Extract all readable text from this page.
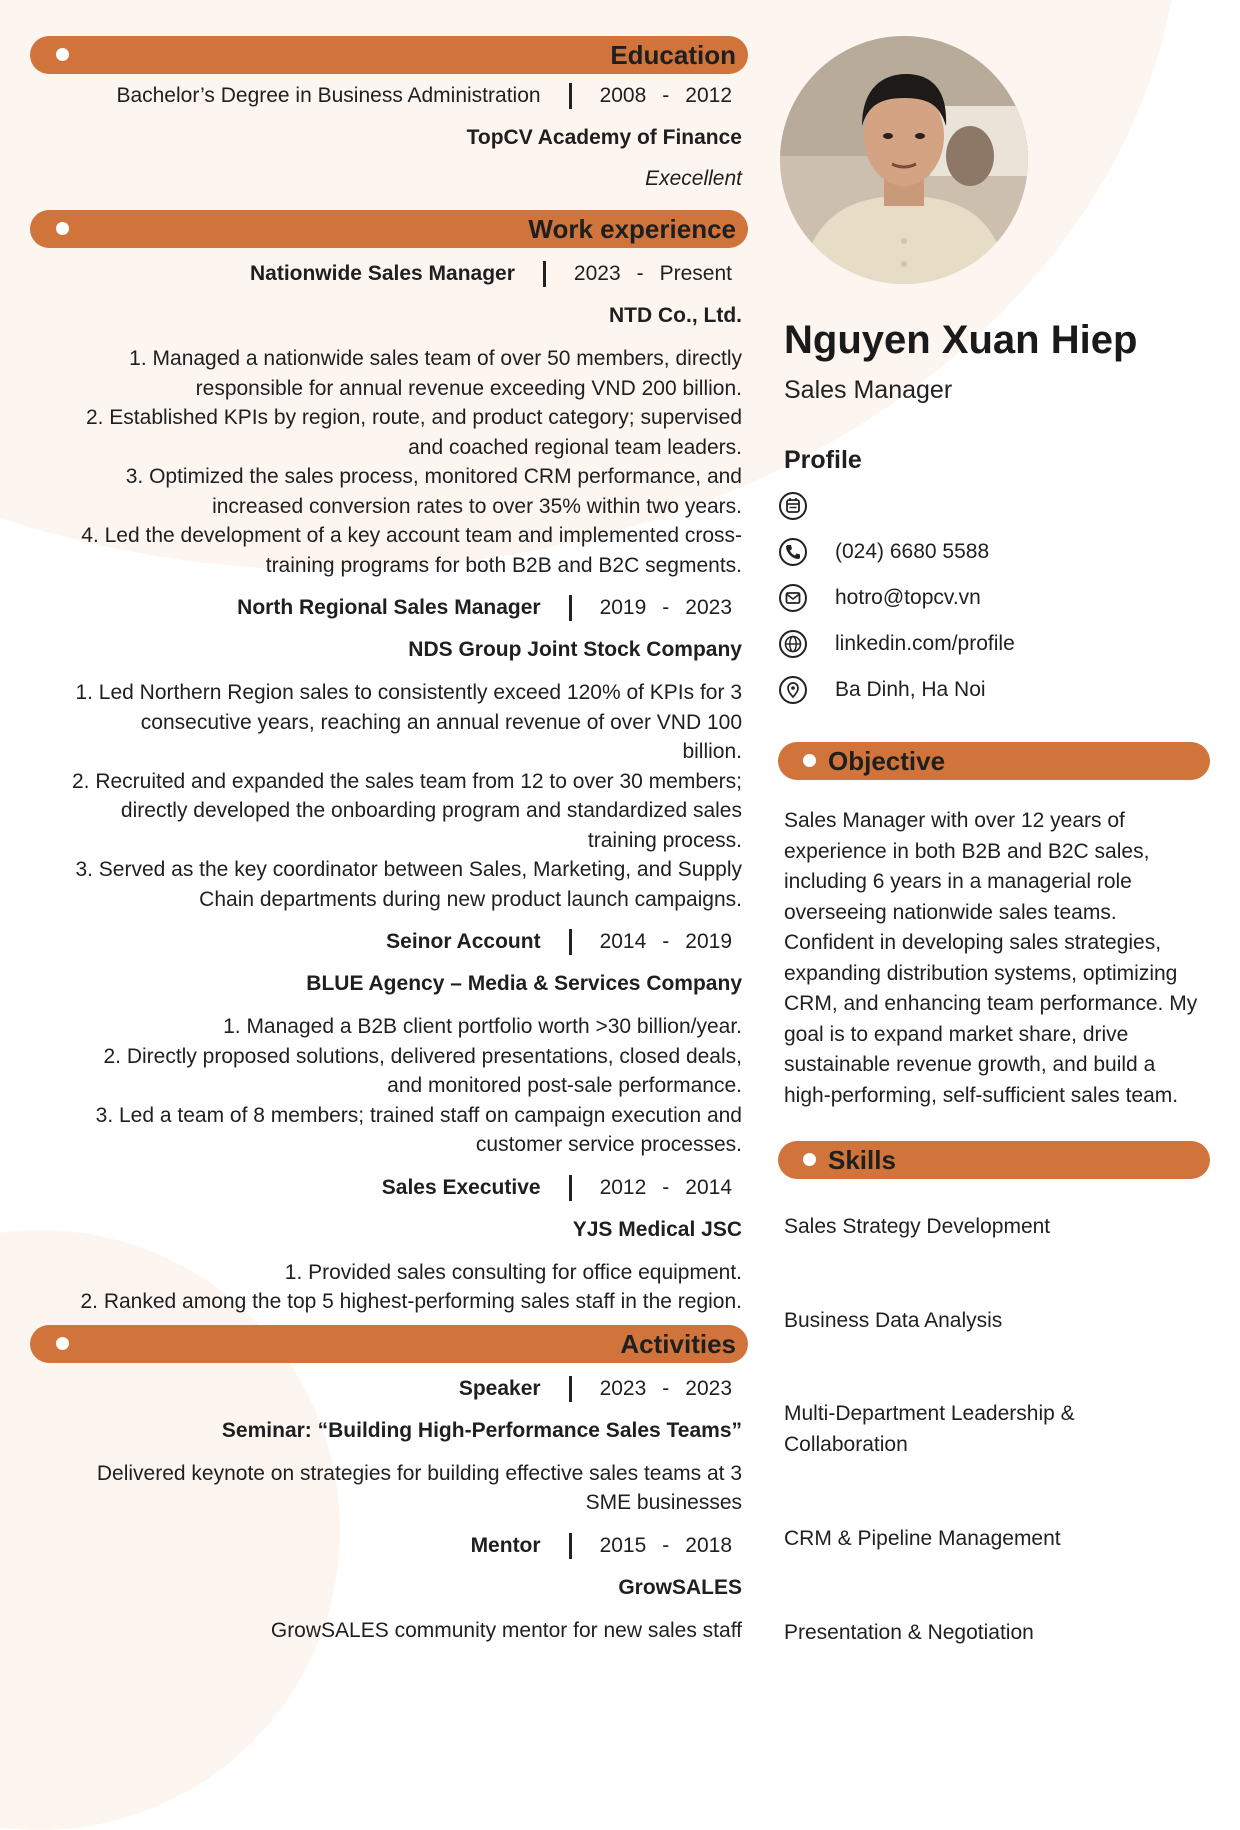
Education
Bachelor’s Degree in Business Administration	2008 - 2012
TopCV Academy of Finance
Execellent
Work experience
Nationwide Sales Manager	2023 - Present
NTD Co., Ltd.
1. Managed a nationwide sales team of over 50 members, directly
responsible for annual revenue exceeding VND 200 billion.
2. Established KPIs by region, route, and product category; supervised
and coached regional team leaders.
3. Optimized the sales process, monitored CRM performance, and
increased conversion rates to over 35% within two years.
4. Led the development of a key account team and implemented cross-
training programs for both B2B and B2C segments.
North Regional Sales Manager	2019 - 2023
NDS Group Joint Stock Company
1. Led Northern Region sales to consistently exceed 120% of KPIs for 3
consecutive years, reaching an annual revenue of over VND 100
billion.
2. Recruited and expanded the sales team from 12 to over 30 members;
directly developed the onboarding program and standardized sales
training process.
3. Served as the key coordinator between Sales, Marketing, and Supply
Chain departments during new product launch campaigns.
Seinor Account	2014 - 2019
BLUE Agency – Media & Services Company
1. Managed a B2B client portfolio worth >30 billion/year.
2. Directly proposed solutions, delivered presentations, closed deals,
and monitored post-sale performance.
3. Led a team of 8 members; trained staff on campaign execution and
customer service processes.
Sales Executive	2012 - 2014
YJS Medical JSC
1. Provided sales consulting for office equipment.
2. Ranked among the top 5 highest-performing sales staff in the region.
Activities
Speaker	2023 - 2023
Seminar: “Building High-Performance Sales Teams”
Delivered keynote on strategies for building effective sales teams at 3
SME businesses
Mentor	2015 - 2018
GrowSALES
GrowSALES community mentor for new sales staff
Nguyen Xuan Hiep
Sales Manager
Profile
(024) 6680 5588
hotro@topcv.vn
linkedin.com/profile
Ba Dinh, Ha Noi
Objective
Sales Manager with over 12 years of experience in both B2B and B2C sales, including 6 years in a managerial role overseeing nationwide sales teams. Confident in developing sales strategies, expanding distribution systems, optimizing CRM, and enhancing team performance. My goal is to expand market share, drive sustainable revenue growth, and build a high-performing, self-sufficient sales team.
Skills
Sales Strategy Development
Business Data Analysis
Multi-Department Leadership & Collaboration
CRM & Pipeline Management
Presentation & Negotiation
